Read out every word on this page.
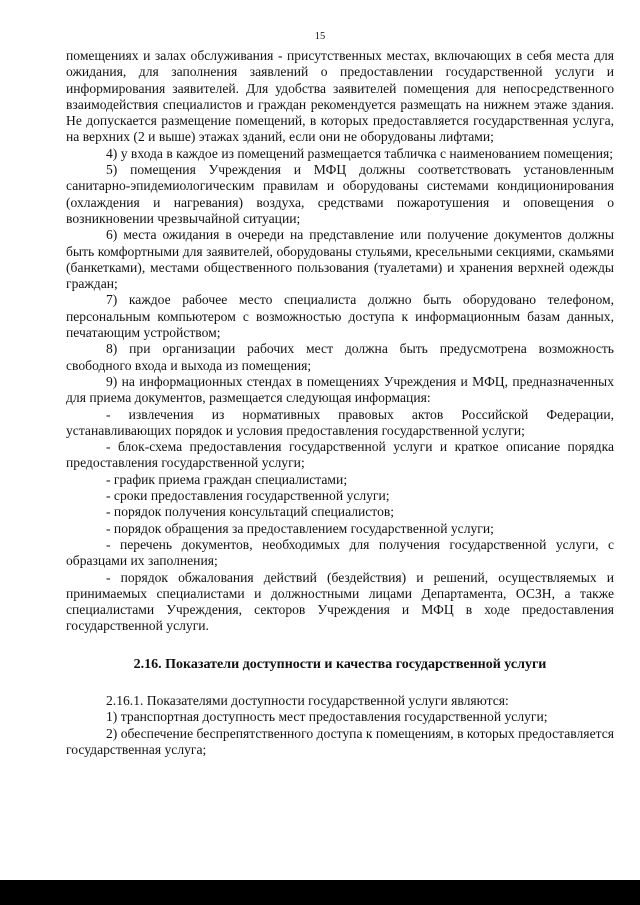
15

помещениях и залах обслуживания - присутственных местах, включающих в себя места для ожидания, для заполнения заявлений о предоставлении государственной услуги и информирования заявителей. Для удобства заявителей помещения для непосредственного взаимодействия специалистов и граждан рекомендуется размещать на нижнем этаже здания. Не допускается размещение помещений, в которых предоставляется государственная услуга, на верхних (2 и выше) этажах зданий, если они не оборудованы лифтами;

4) у входа в каждое из помещений размещается табличка с наименованием помещения;

5) помещения Учреждения и МФЦ должны соответствовать установленным санитарно-эпидемиологическим правилам и оборудованы системами кондиционирования (охлаждения и нагревания) воздуха, средствами пожаротушения и оповещения о возникновении чрезвычайной ситуации;

6) места ожидания в очереди на представление или получение документов должны быть комфортными для заявителей, оборудованы стульями, кресельными секциями, скамьями (банкетками), местами общественного пользования (туалетами) и хранения верхней одежды граждан;

7) каждое рабочее место специалиста должно быть оборудовано телефоном, персональным компьютером с возможностью доступа к информационным базам данных, печатающим устройством;

8) при организации рабочих мест должна быть предусмотрена возможность свободного входа и выхода из помещения;

9) на информационных стендах в помещениях Учреждения и МФЦ, предназначенных для приема документов, размещается следующая информация:

- извлечения из нормативных правовых актов Российской Федерации, устанавливающих порядок и условия предоставления государственной услуги;

- блок-схема предоставления государственной услуги и краткое описание порядка предоставления государственной услуги;

- график приема граждан специалистами;

- сроки предоставления государственной услуги;

- порядок получения консультаций специалистов;

- порядок обращения за предоставлением государственной услуги;

- перечень документов, необходимых для получения государственной услуги, с образцами их заполнения;

- порядок обжалования действий (бездействия) и решений, осуществляемых и принимаемых специалистами и должностными лицами Департамента, ОСЗН, а также специалистами Учреждения, секторов Учреждения и МФЦ в ходе предоставления государственной услуги.

2.16. Показатели доступности и качества государственной услуги

2.16.1. Показателями доступности государственной услуги являются:

1) транспортная доступность мест предоставления государственной услуги;

2) обеспечение беспрепятственного доступа к помещениям, в которых предоставляется государственная услуга;
